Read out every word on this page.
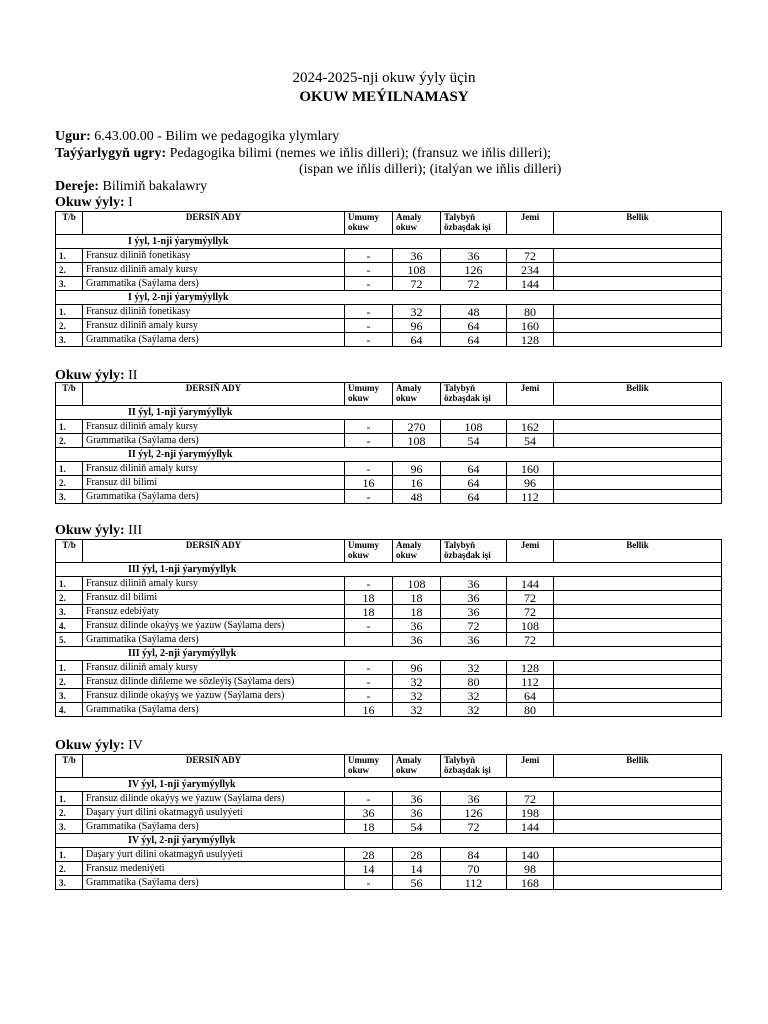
2024-2025-nji okuw ýyly üçin
OKUW MEÝILNAMASY
Ugur: 6.43.00.00 - Bilim we pedagogika ylymlary
Taýýarlygyň ugry: Pedagogika bilimi (nemes we iňlis dilleri); (fransuz we iňlis dilleri);
(ispan we iňlis dilleri); (italýan we iňlis dilleri)
Dereje: Bilimiň bakalawry
Okuw ýyly: I
T/b	DERSIŇ ADY	Umumy okuw	Amaly okuw	Talybyň özbaşdak işi	Jemi	Bellik
I ýyl, 1-nji ýarymýyllyk						
1.	Fransuz diliniň fonetikasy	-	36	36	72	
2.	Fransuz diliniň amaly kursy	-	108	126	234	
3.	Grammatika (Saýlama ders)	-	72	72	144	
I ýyl, 2-nji ýarymýyllyk						
1.	Fransuz diliniň fonetikasy	-	32	48	80	
2.	Fransuz diliniň amaly kursy	-	96	64	160	
3.	Grammatika (Saýlama ders)	-	64	64	128	
Okuw ýyly: II
T/b	DERSIŇ ADY	Umumy okuw	Amaly okuw	Talybyň özbaşdak işi	Jemi	Bellik
II ýyl, 1-nji ýarymýyllyk						
1.	Fransuz diliniň amaly kursy	-	270	108	162	
2.	Grammatika (Saýlama ders)	-	108	54	54	
II ýyl, 2-nji ýarymýyllyk						
1.	Fransuz diliniň amaly kursy	-	96	64	160	
2.	Fransuz dil bilimi	16	16	64	96	
3.	Grammatika (Saýlama ders)	-	48	64	112	
Okuw ýyly: III
T/b	DERSIŇ ADY	Umumy okuw	Amaly okuw	Talybyň özbaşdak işi	Jemi	Bellik
III ýyl, 1-nji ýarymýyllyk						
1.	Fransuz diliniň amaly kursy	-	108	36	144	
2.	Fransuz dil bilimi	18	18	36	72	
3.	Fransuz edebiýaty	18	18	36	72	
4.	Fransuz dilinde okaýyş we ýazuw (Saýlama ders)	-	36	72	108	
5.	Grammatika (Saýlama ders)		36	36	72	
III ýyl, 2-nji ýarymýyllyk						
1.	Fransuz diliniň amaly kursy	-	96	32	128	
2.	Fransuz dilinde diňleme we sözleýiş (Saýlama ders)	-	32	80	112	
3.	Fransuz dilinde okaýyş we ýazuw (Saýlama ders)	-	32	32	64	
4.	Grammatika (Saýlama ders)	16	32	32	80	
Okuw ýyly: IV
T/b	DERSIŇ ADY	Umumy okuw	Amaly okuw	Talybyň özbaşdak işi	Jemi	Bellik
IV ýyl, 1-nji ýarymýyllyk						
1.	Fransuz dilinde okaýyş we ýazuw (Saýlama ders)	-	36	36	72	
2.	Daşary ýurt dilini okatmagyň usulyýeti	36	36	126	198	
3.	Grammatika (Saýlama ders)	18	54	72	144	
IV ýyl, 2-nji ýarymýyllyk						
1.	Daşary ýurt dilini okatmagyň usulyýeti	28	28	84	140	
2.	Fransuz medeniýeti	14	14	70	98	
3.	Grammatika (Saýlama ders)	-	56	112	168	
